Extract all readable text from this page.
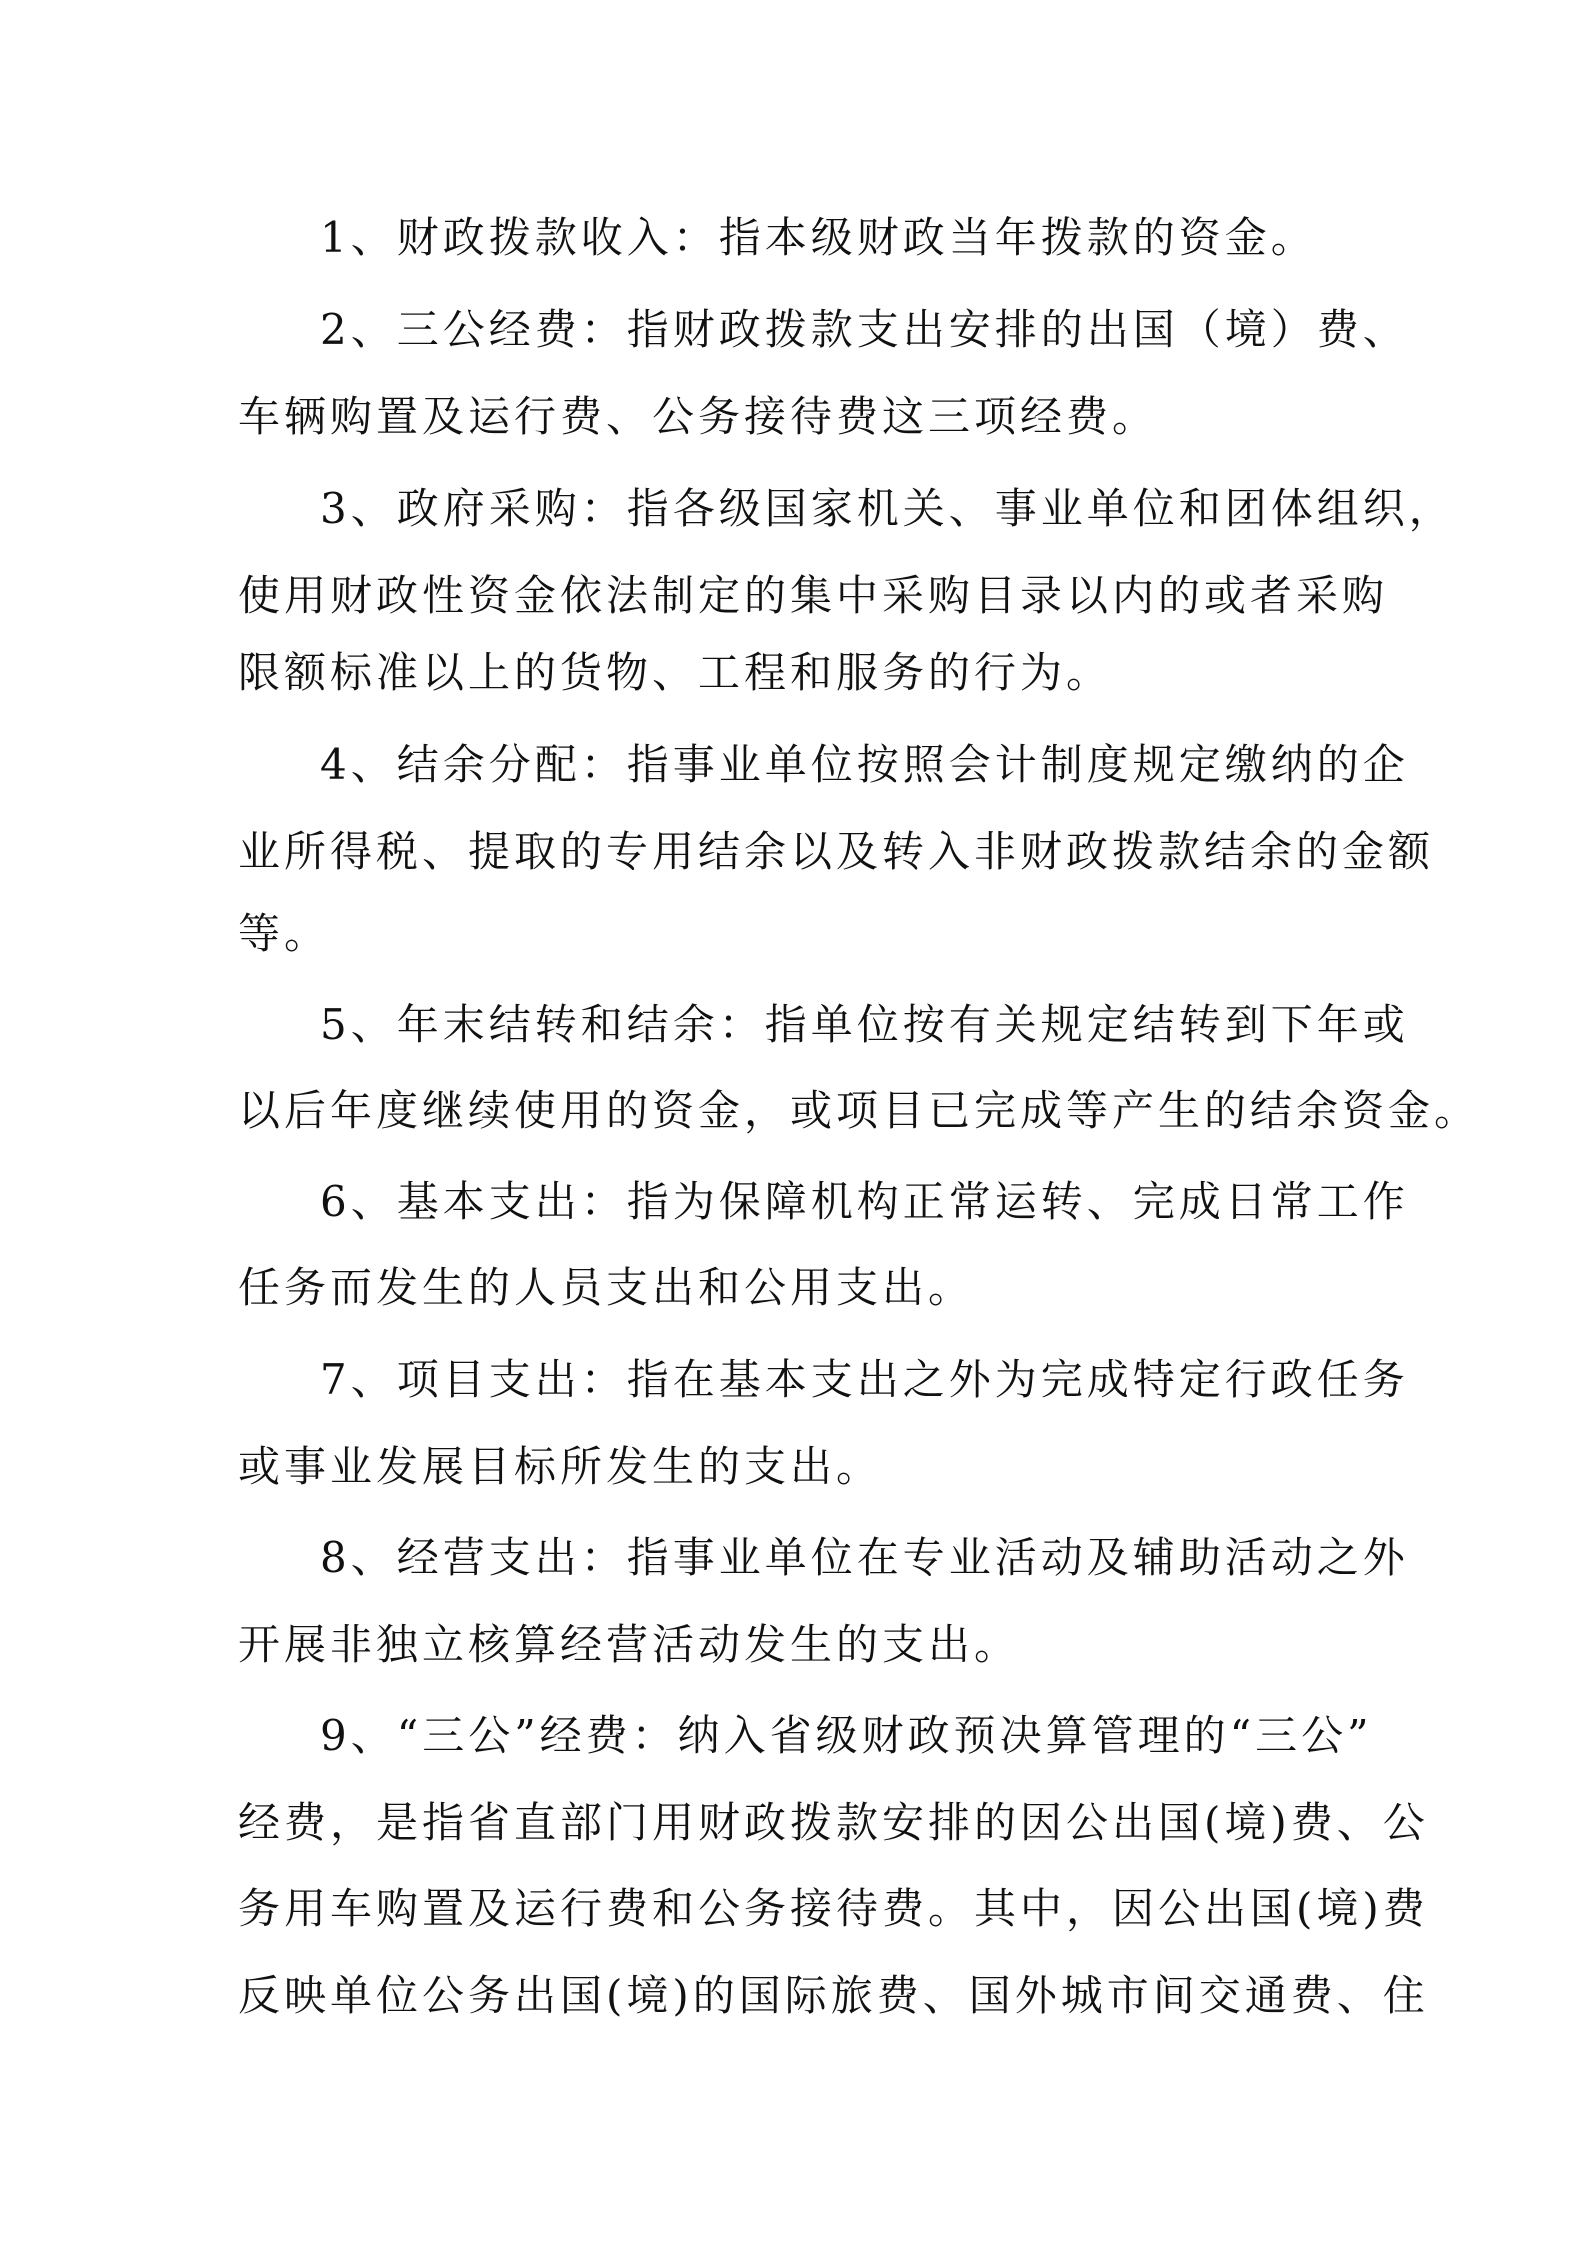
1、财政拨款收入：指本级财政当年拨款的资金。

2、三公经费：指财政拨款支出安排的出国（境）费、

车辆购置及运行费、公务接待费这三项经费。

3、政府采购：指各级国家机关、事业单位和团体组织，

使用财政性资金依法制定的集中采购目录以内的或者采购

限额标准以上的货物、工程和服务的行为。

4、结余分配：指事业单位按照会计制度规定缴纳的企

业所得税、提取的专用结余以及转入非财政拨款结余的金额

等。

5、年末结转和结余：指单位按有关规定结转到下年或

以后年度继续使用的资金，或项目已完成等产生的结余资金。

6、基本支出：指为保障机构正常运转、完成日常工作

任务而发生的人员支出和公用支出。

7、项目支出：指在基本支出之外为完成特定行政任务

或事业发展目标所发生的支出。

8、经营支出：指事业单位在专业活动及辅助活动之外

开展非独立核算经营活动发生的支出。

9、“三公”经费：纳入省级财政预决算管理的“三公”

经费，是指省直部门用财政拨款安排的因公出国(境)费、公

务用车购置及运行费和公务接待费。其中，因公出国(境)费

反映单位公务出国(境)的国际旅费、国外城市间交通费、住
